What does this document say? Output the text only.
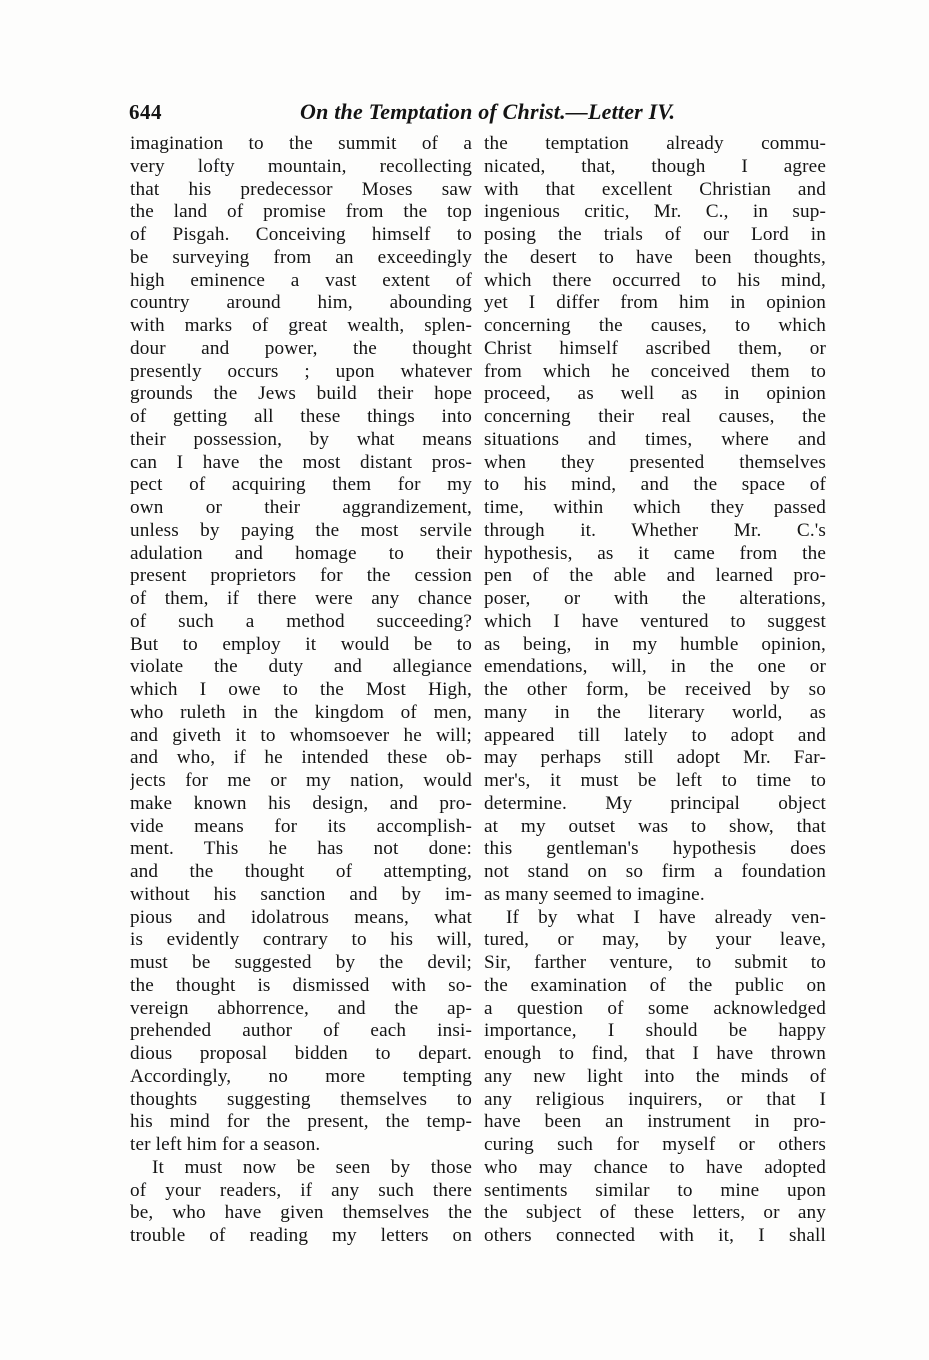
644	On the Temptation of Christ.—Letter IV.
imagination to the summit of a
very lofty mountain, recollecting
that his predecessor Moses saw
the land of promise from the top
of Pisgah. Conceiving himself to
be surveying from an exceedingly
high eminence a vast extent of
country around him, abounding
with marks of great wealth, splen-
dour and power, the thought
presently occurs ; upon whatever
grounds the Jews build their hope
of getting all these things into
their possession, by what means
can I have the most distant pros-
pect of acquiring them for my
own or their aggrandizement,
unless by paying the most servile
adulation and homage to their
present proprietors for the cession
of them, if there were any chance
of such a method succeeding?
But to employ it would be to
violate the duty and allegiance
which I owe to the Most High,
who ruleth in the kingdom of men,
and giveth it to whomsoever he will;
and who, if he intended these ob-
jects for me or my nation, would
make known his design, and pro-
vide means for its accomplish-
ment. This he has not done:
and the thought of attempting,
without his sanction and by im-
pious and idolatrous means, what
is evidently contrary to his will,
must be suggested by the devil;
the thought is dismissed with so-
vereign abhorrence, and the ap-
prehended author of each insi-
dious proposal bidden to depart.
Accordingly, no more tempting
thoughts suggesting themselves to
his mind for the present, the temp-
ter left him for a season.
It must now be seen by those
of your readers, if any such there
be, who have given themselves the
trouble of reading my letters on
the temptation already commu-
nicated, that, though I agree
with that excellent Christian and
ingenious critic, Mr. C., in sup-
posing the trials of our Lord in
the desert to have been thoughts,
which there occurred to his mind,
yet I differ from him in opinion
concerning the causes, to which
Christ himself ascribed them, or
from which he conceived them to
proceed, as well as in opinion
concerning their real causes, the
situations and times, where and
when they presented themselves
to his mind, and the space of
time, within which they passed
through it. Whether Mr. C.'s
hypothesis, as it came from the
pen of the able and learned pro-
poser, or with the alterations,
which I have ventured to suggest
as being, in my humble opinion,
emendations, will, in the one or
the other form, be received by so
many in the literary world, as
appeared till lately to adopt and
may perhaps still adopt Mr. Far-
mer's, it must be left to time to
determine. My principal object
at my outset was to show, that
this gentleman's hypothesis does
not stand on so firm a foundation
as many seemed to imagine.
If by what I have already ven-
tured, or may, by your leave,
Sir, farther venture, to submit to
the examination of the public on
a question of some acknowledged
importance, I should be happy
enough to find, that I have thrown
any new light into the minds of
any religious inquirers, or that I
have been an instrument in pro-
curing such for myself or others
who may chance to have adopted
sentiments similar to mine upon
the subject of these letters, or any
others connected with it, I shall
